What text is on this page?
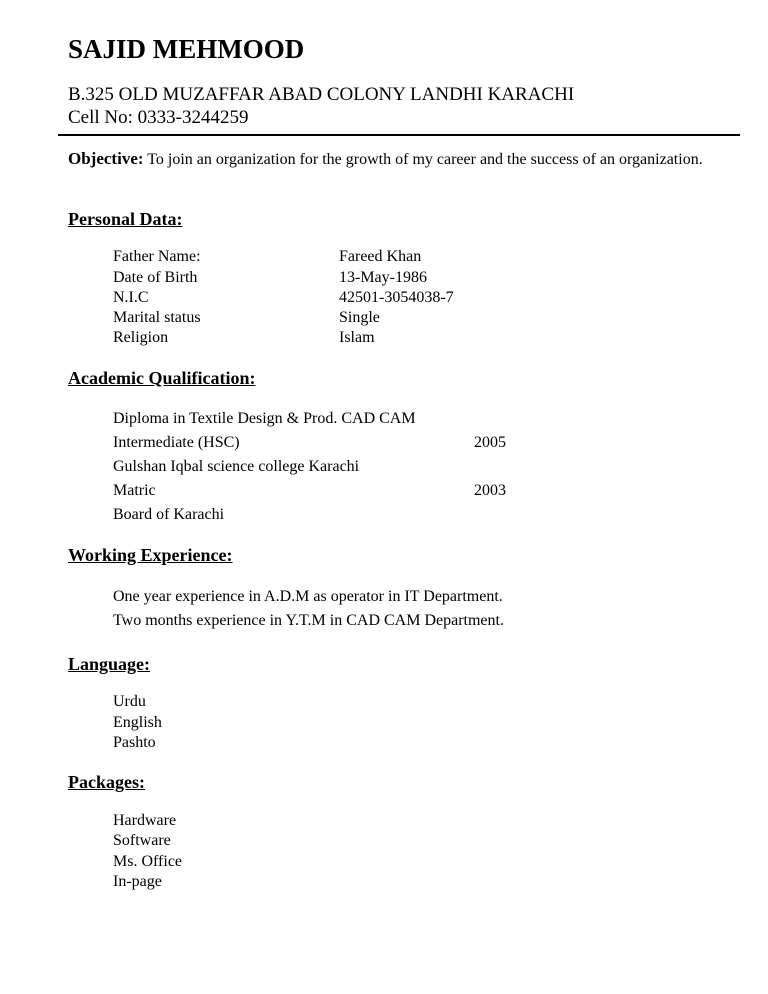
SAJID MEHMOOD
B.325 OLD MUZAFFAR ABAD COLONY LANDHI KARACHI
Cell No: 0333-3244259
Objective: To join an organization for the growth of my career and the success of an organization.
Personal Data:
Father Name:	Fareed Khan
Date of Birth	13-May-1986
N.I.C	42501-3054038-7
Marital status	Single
Religion	Islam
Academic Qualification:
Diploma in Textile Design & Prod. CAD CAM
Intermediate (HSC)	2005
Gulshan Iqbal science college Karachi
Matric	2003
Board of Karachi
Working Experience:
One year experience in A.D.M as operator in IT Department.
Two months experience in Y.T.M in CAD CAM Department.
Language:
Urdu
English
Pashto
Packages:
Hardware
Software
Ms. Office
In-page
